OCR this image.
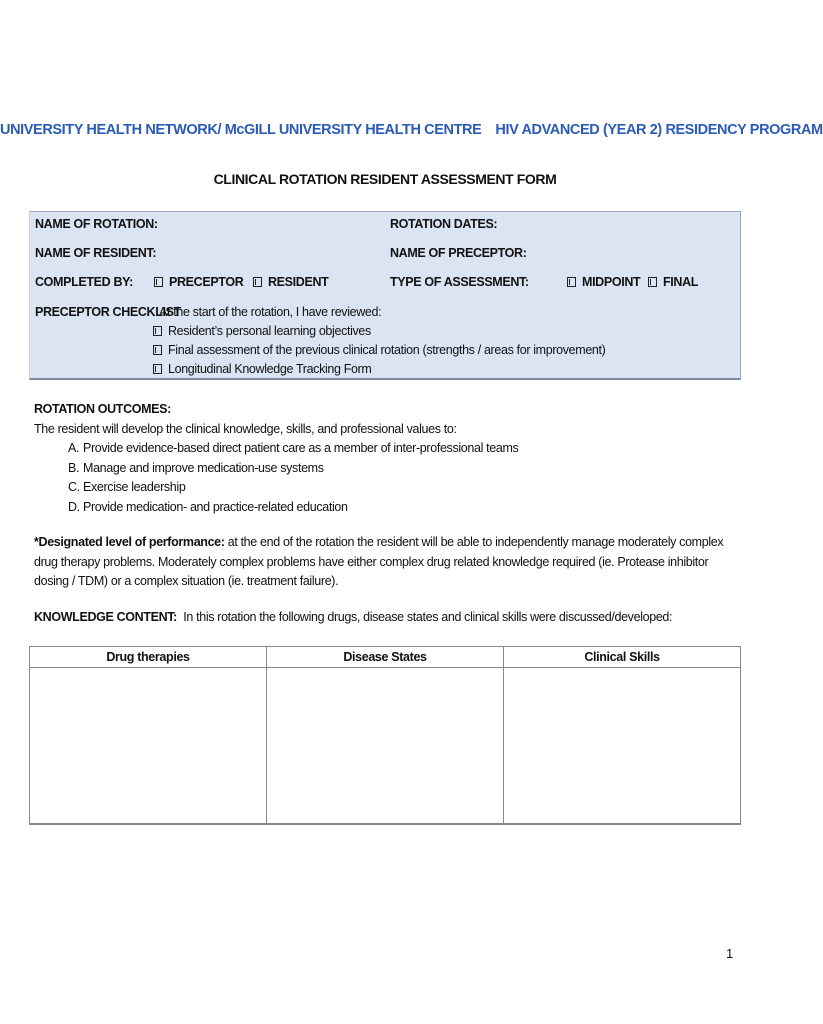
UNIVERSITY HEALTH NETWORK/ McGILL UNIVERSITY HEALTH CENTRE HIV ADVANCED (YEAR 2) RESIDENCY PROGRAM
CLINICAL ROTATION RESIDENT ASSESSMENT FORM
NAME OF ROTATION:	ROTATION DATES:
NAME OF RESIDENT:	NAME OF PRECEPTOR:
COMPLETED BY:	PRECEPTOR RESIDENT	TYPE OF ASSESSMENT:	MIDPOINT FINAL
PRECEPTOR CHECKLIST
At the start of the rotation, I have reviewed:
Resident’s personal learning objectives
Final assessment of the previous clinical rotation (strengths / areas for improvement)
Longitudinal Knowledge Tracking Form
ROTATION OUTCOMES:
The resident will develop the clinical knowledge, skills, and professional values to:
A. Provide evidence-based direct patient care as a member of inter-professional teams
B. Manage and improve medication-use systems
C. Exercise leadership
D. Provide medication- and practice-related education
*Designated level of performance: at the end of the rotation the resident will be able to independently manage moderately complex drug therapy problems. Moderately complex problems have either complex drug related knowledge required (ie. Protease inhibitor dosing / TDM) or a complex situation (ie. treatment failure).
KNOWLEDGE CONTENT:  In this rotation the following drugs, disease states and clinical skills were discussed/developed:
Drug therapies	Disease States	Clinical Skills

1
